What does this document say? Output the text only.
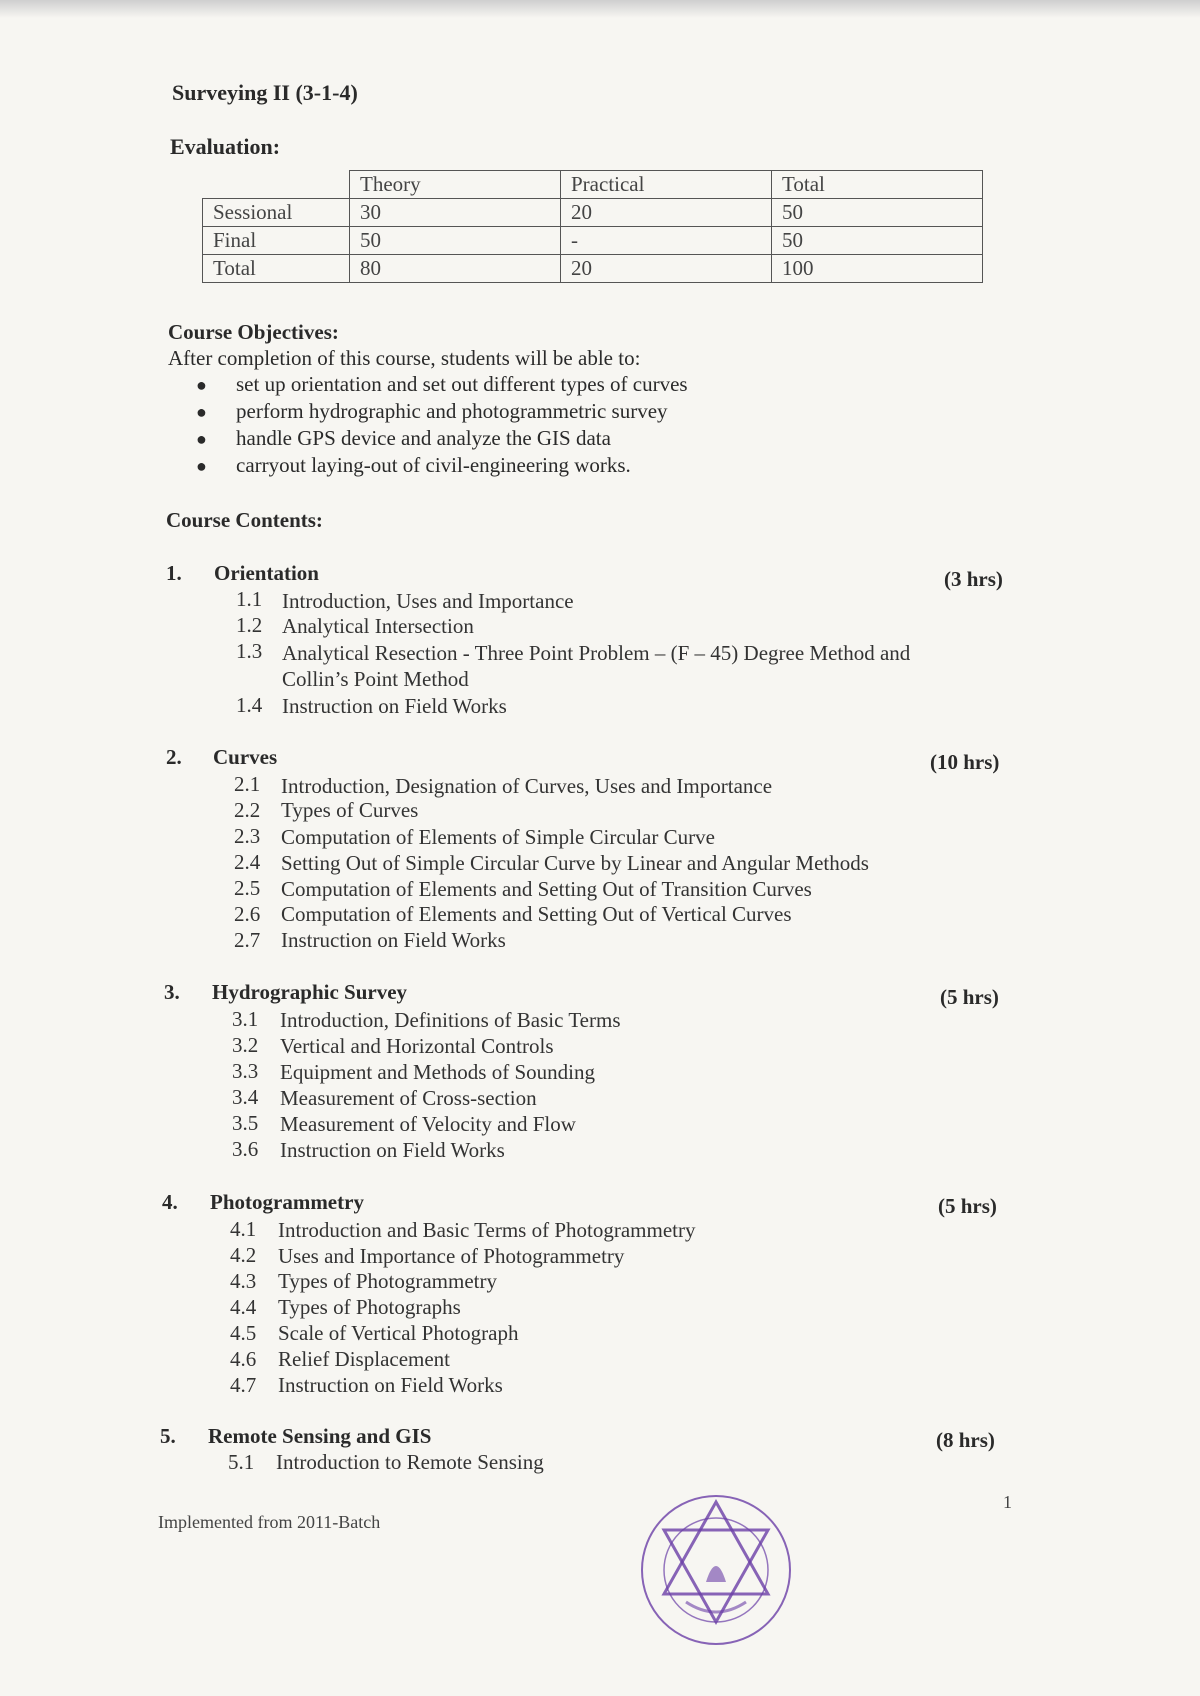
Surveying II (3-1-4)
Evaluation:
	Theory	Practical	Total
Sessional	30	20	50
Final	50	-	50
Total	80	20	100
Course Objectives:
After completion of this course, students will be able to:
● set up orientation and set out different types of curves
● perform hydrographic and photogrammetric survey
● handle GPS device and analyze the GIS data
● carryout laying-out of civil-engineering works.
Course Contents:
1. Orientation	(3 hrs)
1.1 Introduction, Uses and Importance
1.2 Analytical Intersection
1.3 Analytical Resection - Three Point Problem – (F – 45) Degree Method and
Collin’s Point Method
1.4 Instruction on Field Works
2. Curves	(10 hrs)
2.1 Introduction, Designation of Curves, Uses and Importance
2.2 Types of Curves
2.3 Computation of Elements of Simple Circular Curve
2.4 Setting Out of Simple Circular Curve by Linear and Angular Methods
2.5 Computation of Elements and Setting Out of Transition Curves
2.6 Computation of Elements and Setting Out of Vertical Curves
2.7 Instruction on Field Works
3. Hydrographic Survey	(5 hrs)
3.1 Introduction, Definitions of Basic Terms
3.2 Vertical and Horizontal Controls
3.3 Equipment and Methods of Sounding
3.4 Measurement of Cross-section
3.5 Measurement of Velocity and Flow
3.6 Instruction on Field Works
4. Photogrammetry	(5 hrs)
4.1 Introduction and Basic Terms of Photogrammetry
4.2 Uses and Importance of Photogrammetry
4.3 Types of Photogrammetry
4.4 Types of Photographs
4.5 Scale of Vertical Photograph
4.6 Relief Displacement
4.7 Instruction on Field Works
5. Remote Sensing and GIS	(8 hrs)
5.1 Introduction to Remote Sensing
Implemented from 2011-Batch
1
